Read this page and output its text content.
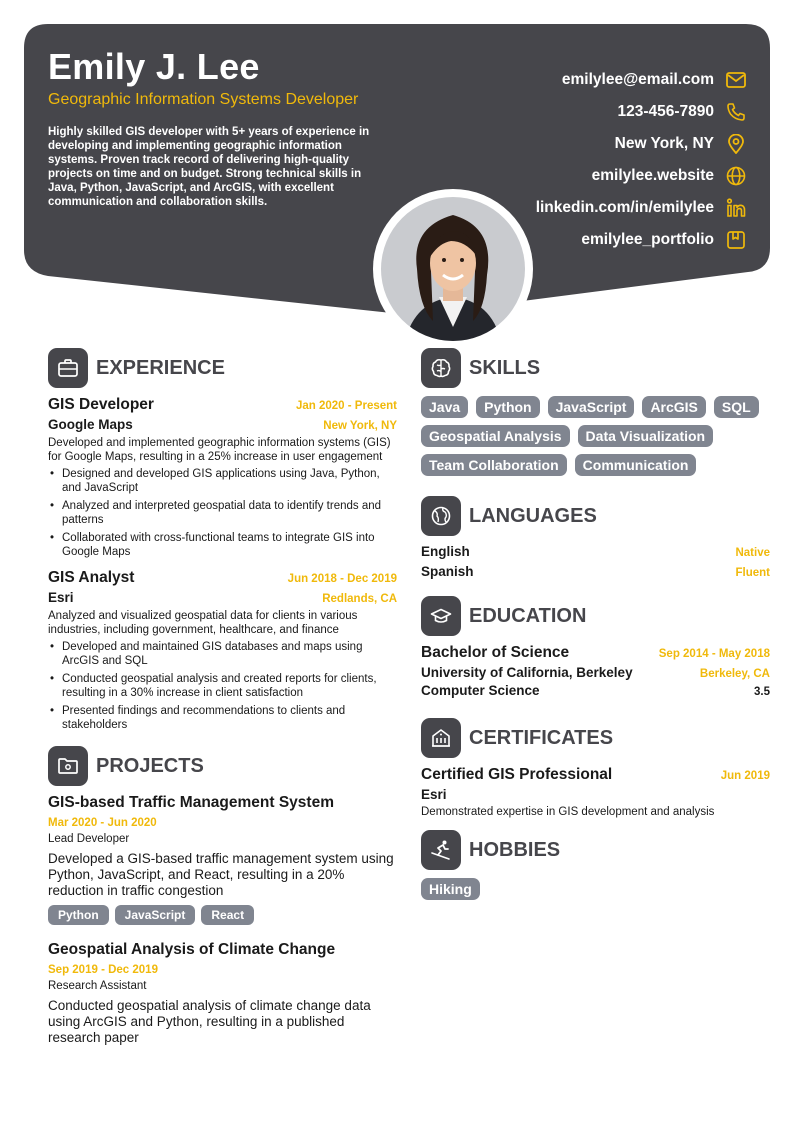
Emily J. Lee
Geographic Information Systems Developer
Highly skilled GIS developer with 5+ years of experience in developing and implementing geographic information systems. Proven track record of delivering high-quality projects on time and on budget. Strong technical skills in Java, Python, JavaScript, and ArcGIS, with excellent communication and collaboration skills.
emilylee@email.com
123-456-7890
New York, NY
emilylee.website
linkedin.com/in/emilylee
emilylee_portfolio
EXPERIENCE
GIS Developer	Jan 2020 - Present
Google Maps	New York, NY
Developed and implemented geographic information systems (GIS) for Google Maps, resulting in a 25% increase in user engagement
• Designed and developed GIS applications using Java, Python, and JavaScript
• Analyzed and interpreted geospatial data to identify trends and patterns
• Collaborated with cross-functional teams to integrate GIS into Google Maps
GIS Analyst	Jun 2018 - Dec 2019
Esri	Redlands, CA
Analyzed and visualized geospatial data for clients in various industries, including government, healthcare, and finance
• Developed and maintained GIS databases and maps using ArcGIS and SQL
• Conducted geospatial analysis and created reports for clients, resulting in a 30% increase in client satisfaction
• Presented findings and recommendations to clients and stakeholders
PROJECTS
GIS-based Traffic Management System
Mar 2020 - Jun 2020
Lead Developer
Developed a GIS-based traffic management system using Python, JavaScript, and React, resulting in a 20% reduction in traffic congestion
Python	JavaScript	React
Geospatial Analysis of Climate Change
Sep 2019 - Dec 2019
Research Assistant
Conducted geospatial analysis of climate change data using ArcGIS and Python, resulting in a published research paper
SKILLS
Java	Python	JavaScript	ArcGIS	SQL
Geospatial Analysis	Data Visualization
Team Collaboration	Communication
LANGUAGES
English	Native
Spanish	Fluent
EDUCATION
Bachelor of Science	Sep 2014 - May 2018
University of California, Berkeley	Berkeley, CA
Computer Science	3.5
CERTIFICATES
Certified GIS Professional	Jun 2019
Esri
Demonstrated expertise in GIS development and analysis
HOBBIES
Hiking
